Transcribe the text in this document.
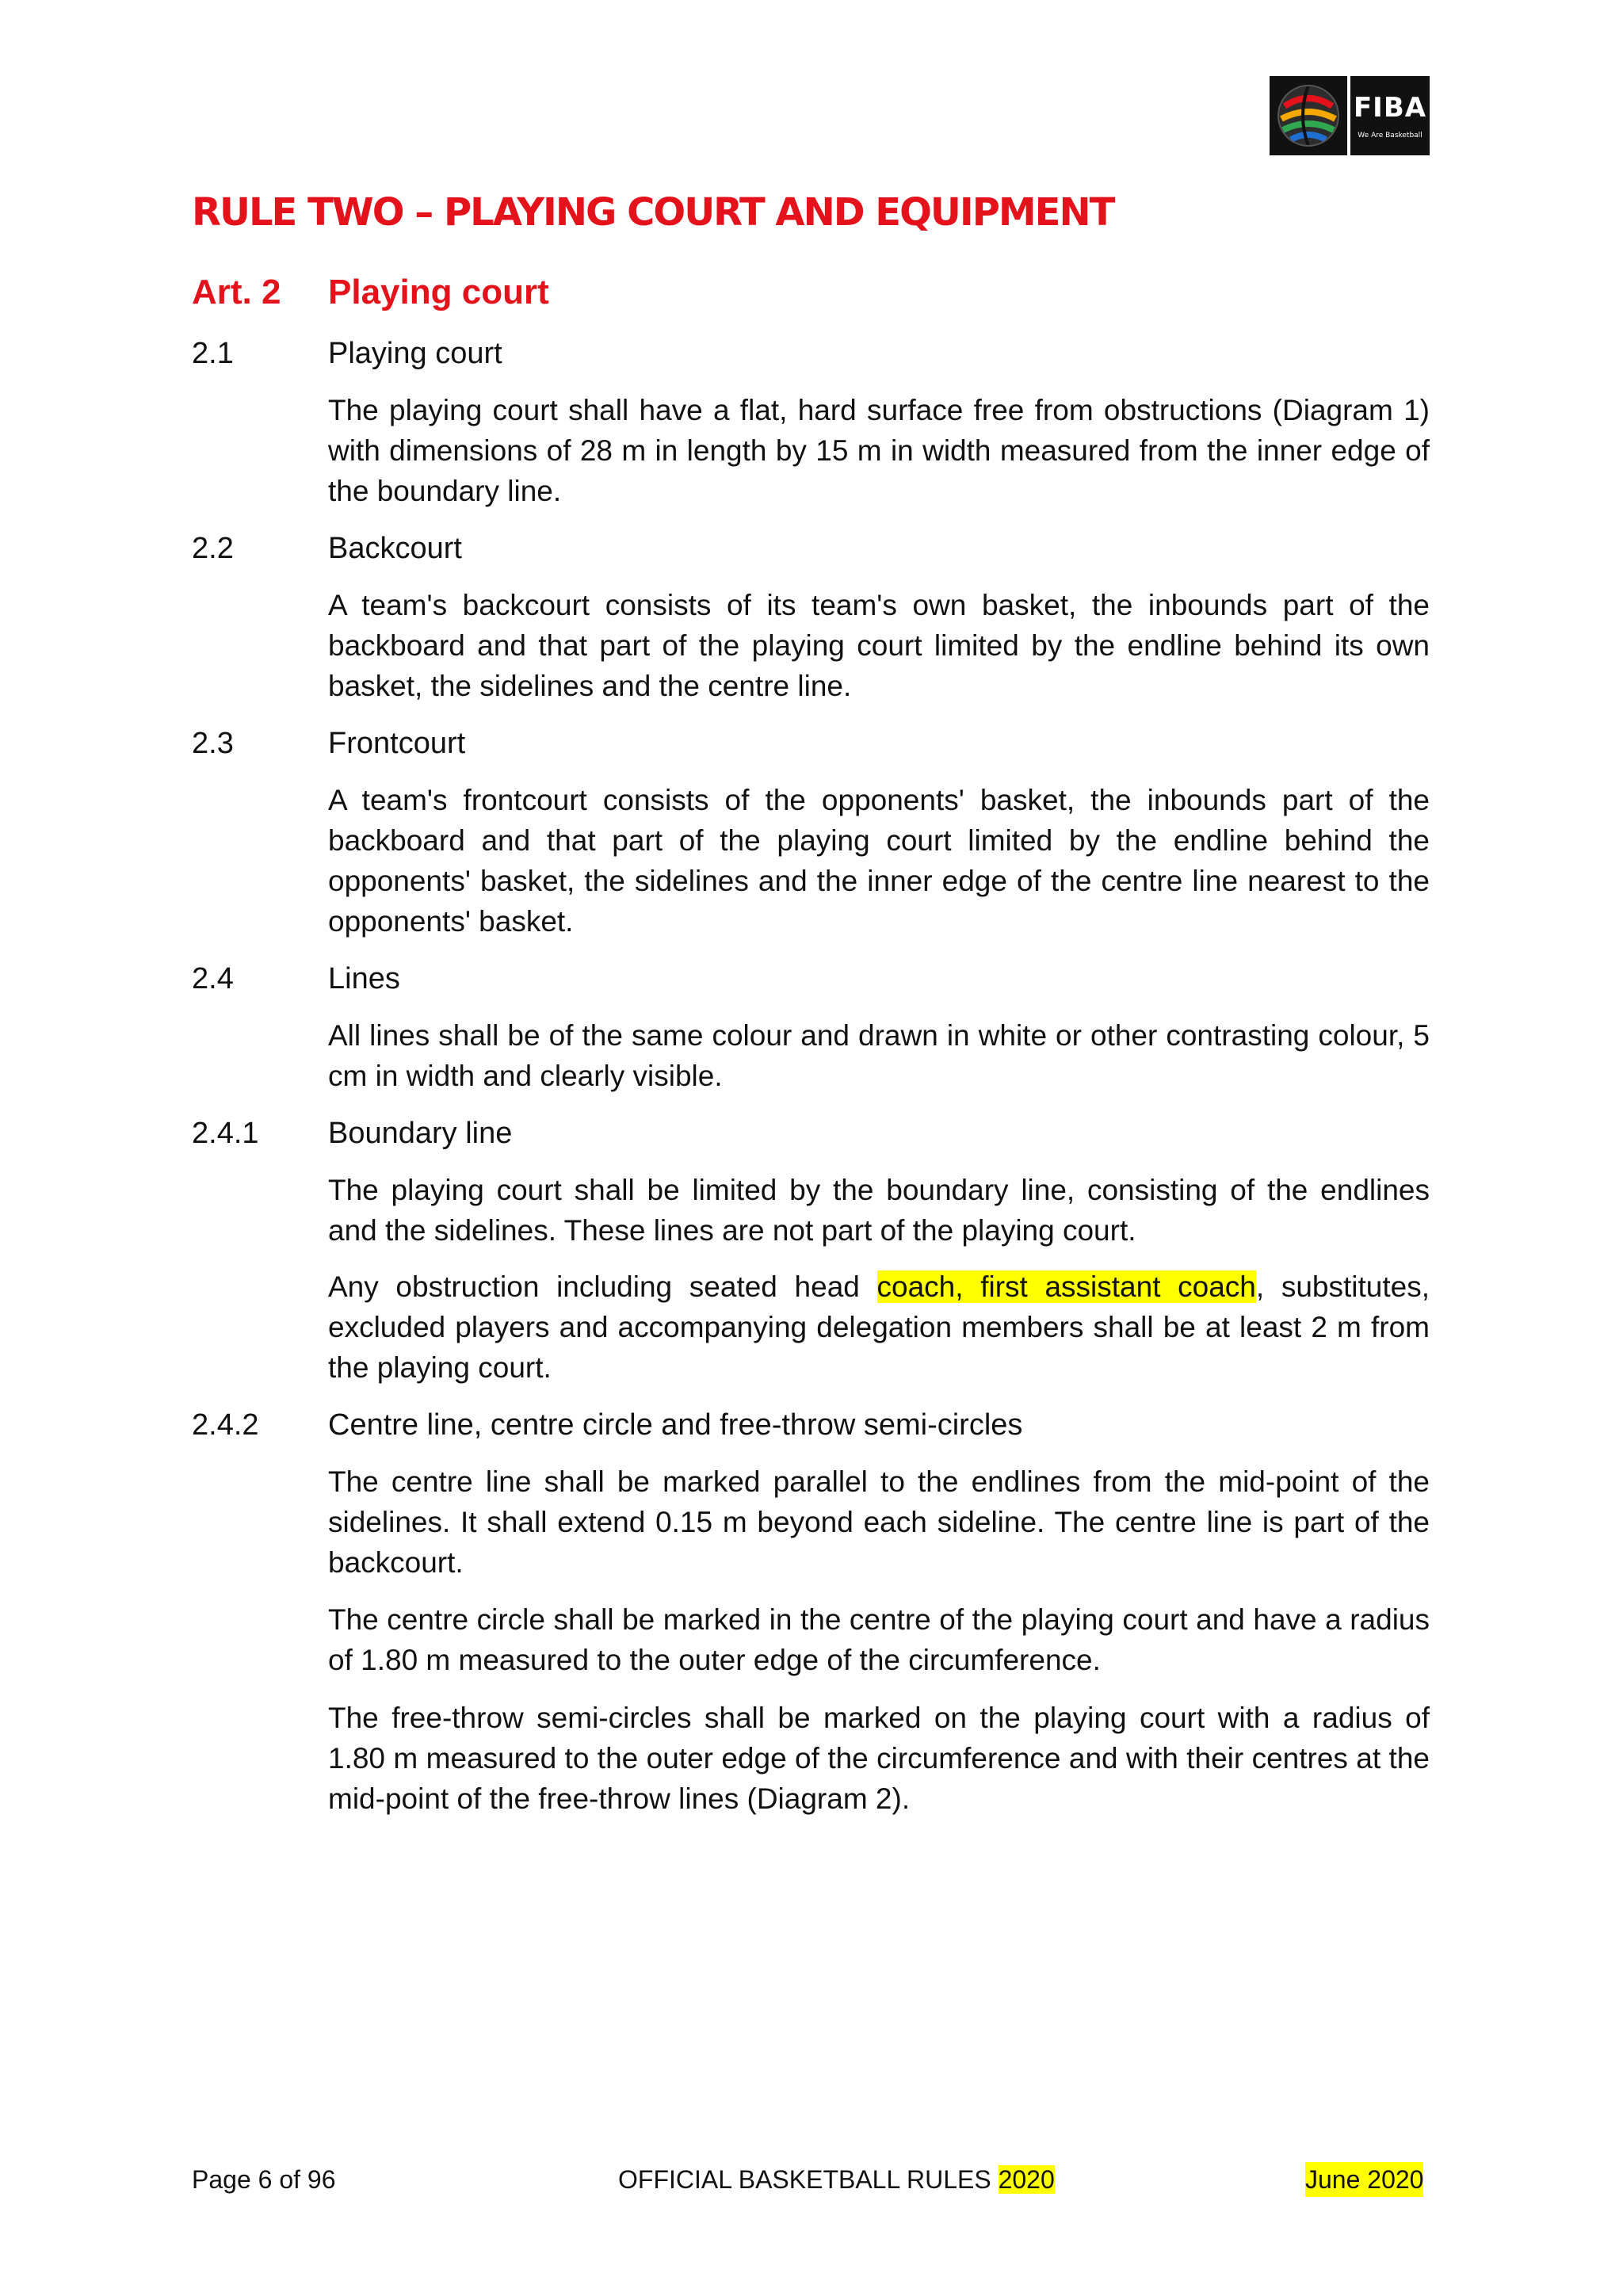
FIBA
We Are Basketball
RULE TWO – PLAYING COURT AND EQUIPMENT
Art. 2 Playing court
2.1	Playing court

The playing court shall have a flat, hard surface free from obstructions (Diagram 1) with dimensions of 28 m in length by 15 m in width measured from the inner edge of the boundary line.

2.2	Backcourt

A team's backcourt consists of its team's own basket, the inbounds part of the backboard and that part of the playing court limited by the endline behind its own basket, the sidelines and the centre line.

2.3	Frontcourt

A team's frontcourt consists of the opponents' basket, the inbounds part of the backboard and that part of the playing court limited by the endline behind the opponents' basket, the sidelines and the inner edge of the centre line nearest to the opponents' basket.

2.4	Lines

All lines shall be of the same colour and drawn in white or other contrasting colour, 5 cm in width and clearly visible.

2.4.1 Boundary line

The playing court shall be limited by the boundary line, consisting of the endlines and the sidelines. These lines are not part of the playing court.

Any obstruction including seated head coach, first assistant coach, substitutes, excluded players and accompanying delegation members shall be at least 2 m from the playing court.

2.4.2 Centre line, centre circle and free-throw semi-circles

The centre line shall be marked parallel to the endlines from the mid-point of the sidelines. It shall extend 0.15 m beyond each sideline. The centre line is part of the backcourt.

The centre circle shall be marked in the centre of the playing court and have a radius of 1.80 m measured to the outer edge of the circumference.

The free-throw semi-circles shall be marked on the playing court with a radius of 1.80 m measured to the outer edge of the circumference and with their centres at the mid-point of the free-throw lines (Diagram 2).

Page 6 of 96	OFFICIAL BASKETBALL RULES 2020	June 2020
